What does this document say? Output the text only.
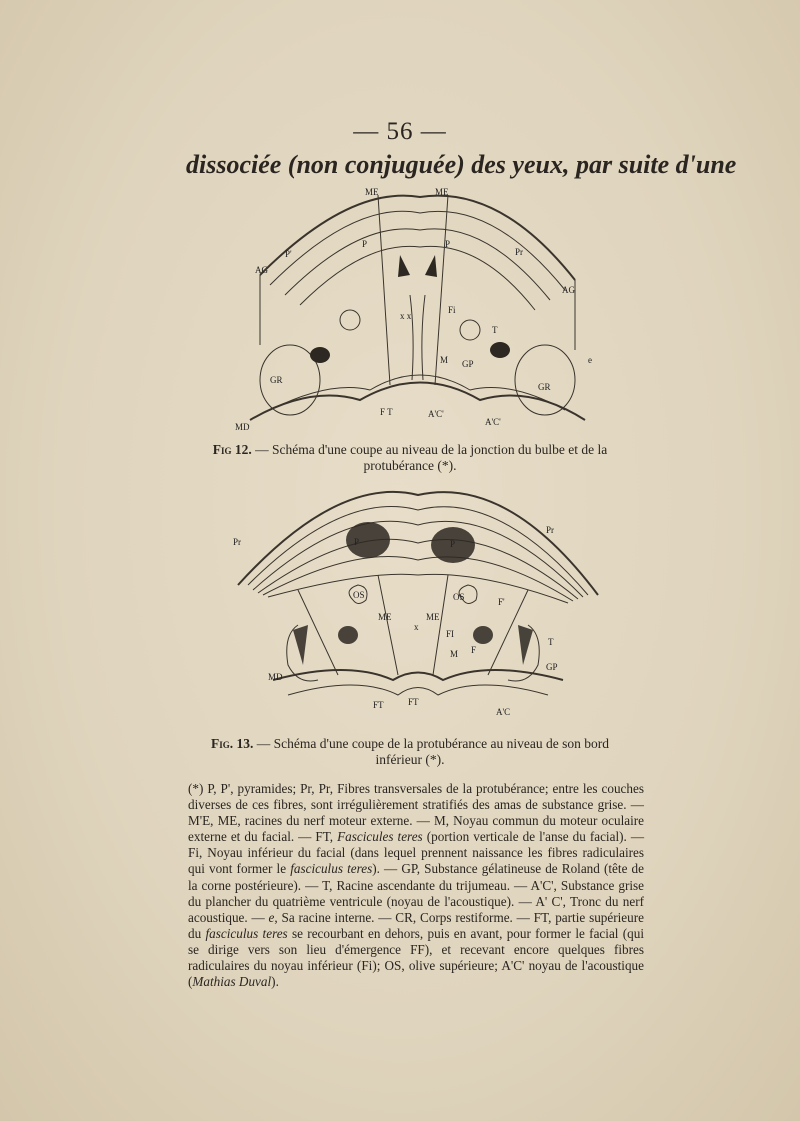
— 56 —
dissociée (non conjuguée) des yeux, par suite d'une
ME	ME
P'	Pr
P	P
AG
AG
Fi
T
x x
M GP
GR
GR
e
MD
F T	A'C'
A'C'
Fig 12. — Schéma d'une coupe au niveau de la jonction du bulbe et de la protubérance (*).
Pr
Pr
P	P
OS	OS
ME	ME
x
F'
FI
T
M F
GP
MD
FT	FT
A'C
Fig. 13. — Schéma d'une coupe de la protubérance au niveau de son bord inférieur (*).
(*) P, P', pyramides; Pr, Pr, Fibres transversales de la protubérance; entre les couches diverses de ces fibres, sont irrégulièrement stratifiés des amas de substance grise. — M'E, ME, racines du nerf moteur externe. — M, Noyau commun du moteur oculaire externe et du facial. — FT, Fascicules teres (portion verticale de l'anse du facial). — Fi, Noyau inférieur du facial (dans lequel prennent naissance les fibres radiculaires qui vont former le fasciculus teres). — GP, Substance gélatineuse de Roland (tête de la corne postérieure). — T, Racine ascendante du trijumeau. — A'C', Substance grise du plancher du quatrième ventricule (noyau de l'acoustique). — A' C', Tronc du nerf acoustique. — e, Sa racine interne. — CR, Corps restiforme. — FT, partie supérieure du fasciculus teres se recourbant en dehors, puis en avant, pour former le facial (qui se dirige vers son lieu d'émergence FF), et recevant encore quelques fibres radiculaires du noyau inférieur (Fi); OS, olive supérieure; A'C' noyau de l'acoustique (Mathias Duval).
